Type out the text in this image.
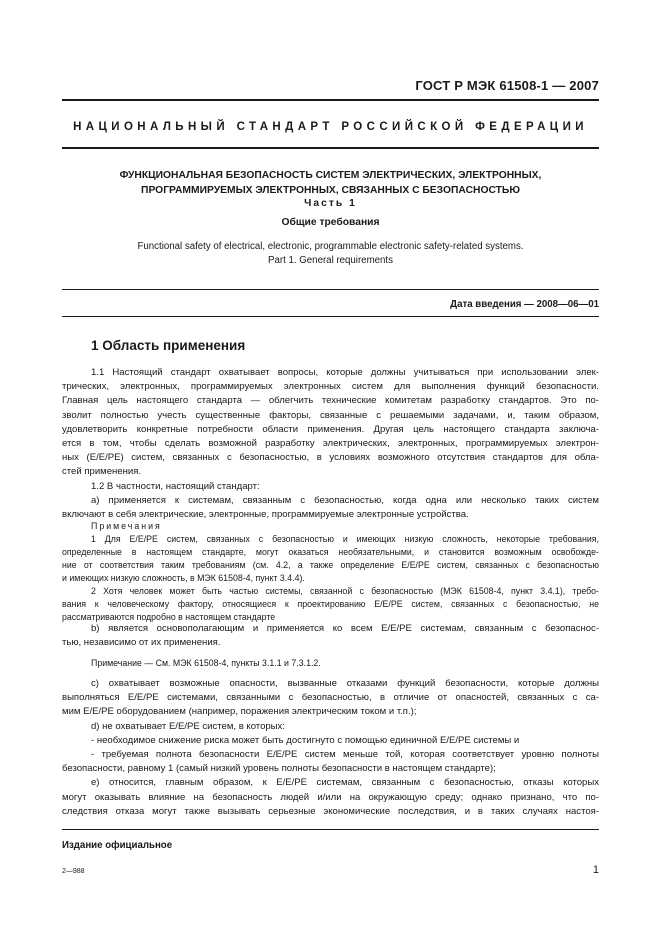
ГОСТ Р МЭК 61508-1 — 2007
НАЦИОНАЛЬНЫЙ СТАНДАРТ РОССИЙСКОЙ ФЕДЕРАЦИИ
ФУНКЦИОНАЛЬНАЯ БЕЗОПАСНОСТЬ СИСТЕМ ЭЛЕКТРИЧЕСКИХ, ЭЛЕКТРОННЫХ,
ПРОГРАММИРУЕМЫХ ЭЛЕКТРОННЫХ, СВЯЗАННЫХ С БЕЗОПАСНОСТЬЮ
Часть 1
Общие требования
Functional safety of electrical, electronic, programmable electronic safety-related systems.
Part 1. General requirements
Дата введения — 2008—06—01
1 Область применения
1.1 Настоящий стандарт охватывает вопросы, которые должны учитываться при использовании элек-
трических, электронных, программируемых электронных систем для выполнения функций безопасности.
Главная цель настоящего стандарта — облегчить технические комитетам разработку стандартов. Это по-
зволит полностью учесть существенные факторы, связанные с решаемыми задачами, и, таким образом,
удовлетворить конкретные потребности области применения. Другая цель настоящего стандарта заключа-
ется в том, чтобы сделать возможной разработку электрических, электронных, программируемых электрон-
ных (Е/Е/РЕ) систем, связанных с безопасностью, в условиях возможного отсутствия стандартов для обла-
стей применения.
1.2 В частности, настоящий стандарт:
a) применяется к системам, связанным с безопасностью, когда одна или несколько таких систем
включают в себя электрические, электронные, программируемые электронные устройства.
Примечания
1 Для Е/Е/РЕ систем, связанных с безопасностью и имеющих низкую сложность, некоторые требования,
определенные в настоящем стандарте, могут оказаться необязательными, и становится возможным освобожде-
ние от соответствия таким требованиям (см. 4.2, а также определение Е/Е/РЕ систем, связанных с безопасностью
и имеющих низкую сложность, в МЭК 61508-4, пункт 3.4.4).
2 Хотя человек может быть частью системы, связанной с безопасностью (МЭК 61508-4, пункт 3.4.1), требо-
вания к человеческому фактору, относящиеся к проектированию Е/Е/РЕ систем, связанных с безопасностью, не
рассматриваются подробно в настоящем стандарте
b) является основополагающим и применяется ко всем Е/Е/РЕ системам, связанным с безопаснос-
тью, независимо от их применения.
Примечание — См. МЭК 61508-4, пункты 3.1.1 и 7.3.1.2.
с) охватывает возможные опасности, вызванные отказами функций безопасности, которые должны
выполняться Е/Е/РЕ системами, связанными с безопасностью, в отличие от опасностей, связанных с са-
мим Е/Е/РЕ оборудованием (например, поражения электрическим током и т.п.);
d) не охватывает Е/Е/РЕ систем, в которых:
- необходимое снижение риска может быть достигнуто с помощью единичной Е/Е/РЕ системы и
- требуемая полнота безопасности Е/Е/РЕ систем меньше той, которая соответствует уровню полноты
безопасности, равному 1 (самый низкий уровень полноты безопасности в настоящем стандарте);
е) относится, главным образом, к Е/Е/РЕ системам, связанным с безопасностью, отказы которых
могут оказывать влияние на безопасность людей и/или на окружающую среду; однако признано, что по-
следствия отказа могут также вызывать серьезные экономические последствия, и в таких случаях настоя-
Издание официальное
2—988	1
